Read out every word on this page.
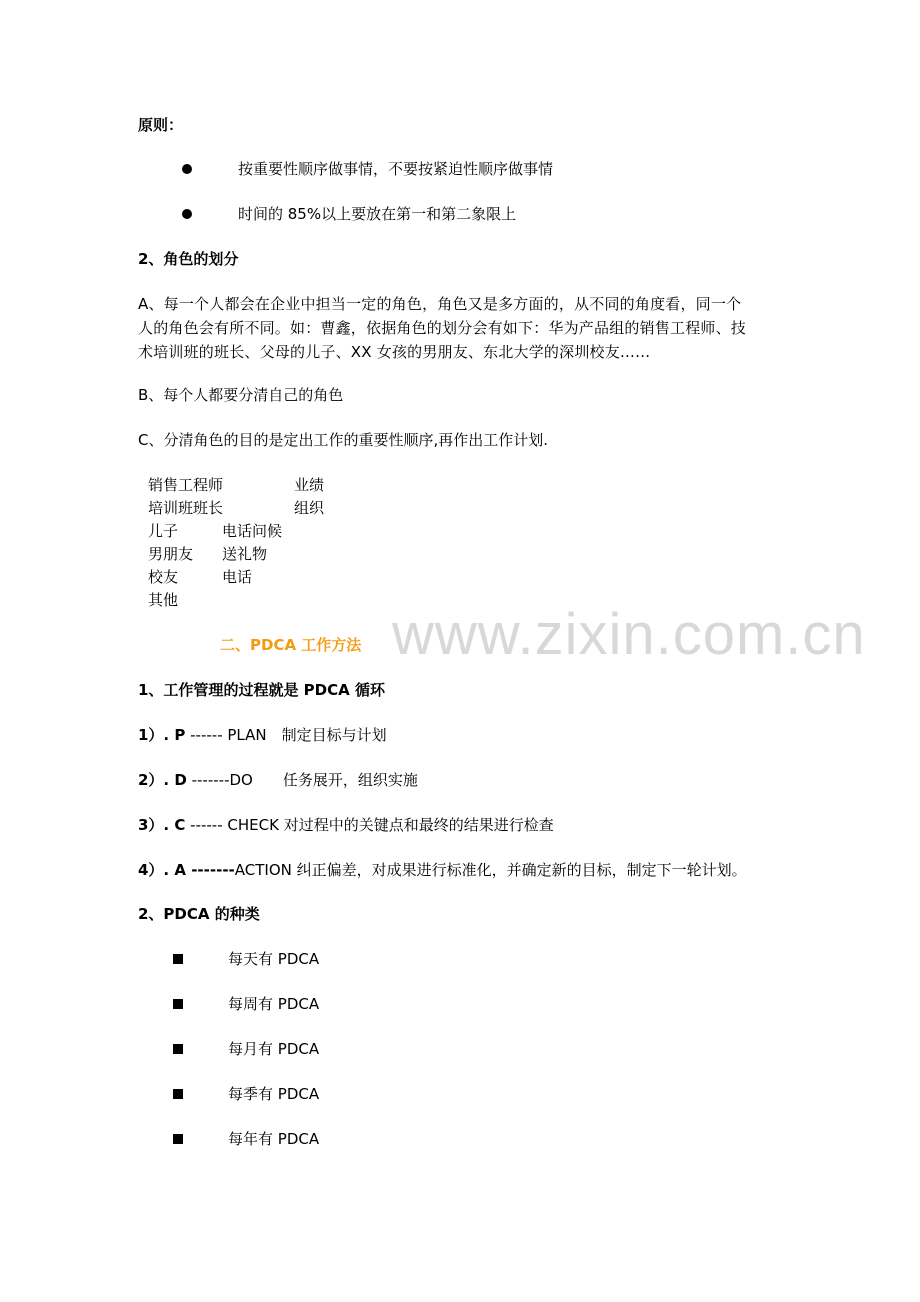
www.zixin.com.cn
原则：
按重要性顺序做事情，不要按紧迫性顺序做事情
时间的 85%以上要放在第一和第二象限上
2、角色的划分
A、每一个人都会在企业中担当一定的角色，角色又是多方面的，从不同的角度看，同一个
人的角色会有所不同。如：曹鑫，依据角色的划分会有如下：华为产品组的销售工程师、技
术培训班的班长、父母的儿子、XX 女孩的男朋友、东北大学的深圳校友……
B、每个人都要分清自己的角色
C、分清角色的目的是定出工作的重要性顺序,再作出工作计划.
销售工程师	业绩
培训班班长	组织
儿子	电话问候
男朋友 送礼物
校友	电话
其他
二、PDCA 工作方法
1、工作管理的过程就是 PDCA 循环
1）. P ------ PLAN　制定目标与计划
2）. D -------DO　　任务展开，组织实施
3）. C ------ CHECK 对过程中的关键点和最终的结果进行检查
4）. A -------ACTION 纠正偏差，对成果进行标准化，并确定新的目标，制定下一轮计划。
2、PDCA 的种类
每天有 PDCA
每周有 PDCA
每月有 PDCA
每季有 PDCA
每年有 PDCA
